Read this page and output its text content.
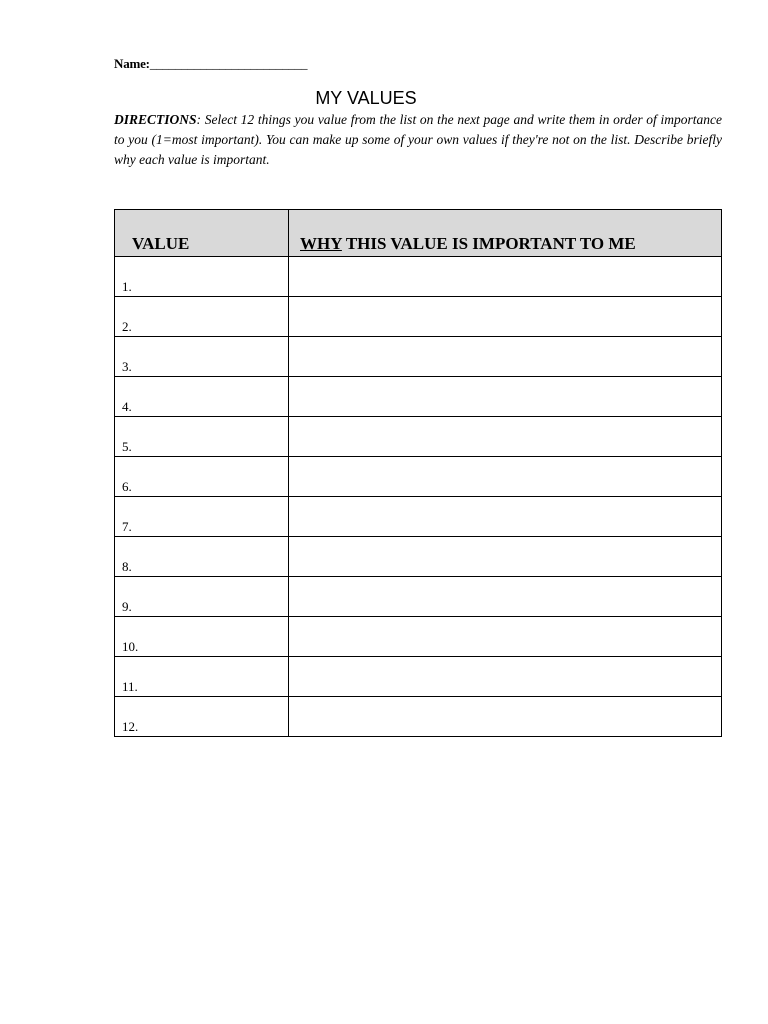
Name:_________________________
MY VALUES
DIRECTIONS: Select 12 things you value from the list on the next page and write them in order of importance to you (1=most important). You can make up some of your own values if they're not on the list. Describe briefly why each value is important.
VALUE	WHY THIS VALUE IS IMPORTANT TO ME
1.	
2.	
3.	
4.	
5.	
6.	
7.	
8.	
9.	
10.	
11.	
12.	
